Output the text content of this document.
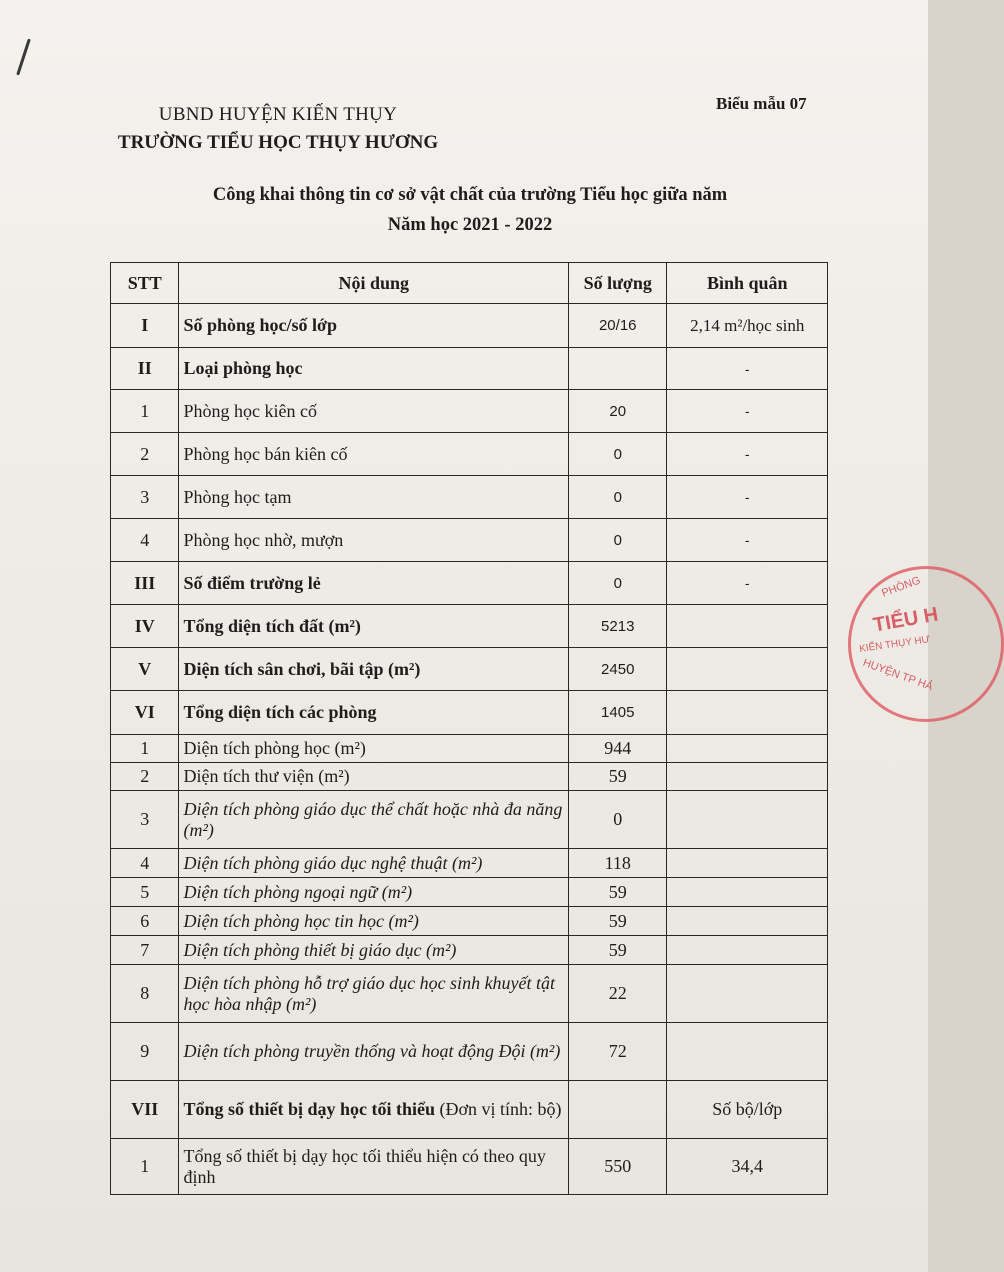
UBND HUYỆN KIẾN THỤY
TRƯỜNG TIỂU HỌC THỤY HƯƠNG
Biểu mẫu 07
Công khai thông tin cơ sở vật chất của trường Tiểu học giữa năm
Năm học 2021 - 2022
STT	Nội dung	Số lượng	Bình quân
I	Số phòng học/số lớp	20/16	2,14 m²/học sinh
II	Loại phòng học		-
1	Phòng học kiên cố	20	-
2	Phòng học bán kiên cố	0	-
3	Phòng học tạm	0	-
4	Phòng học nhờ, mượn	0	-
III	Số điểm trường lẻ	0	-
IV	Tổng diện tích đất (m²)	5213	
V	Diện tích sân chơi, bãi tập (m²)	2450	
VI	Tổng diện tích các phòng	1405	
1	Diện tích phòng học (m²)	944	
2	Diện tích thư viện (m²)	59	
3	Diện tích phòng giáo dục thể chất hoặc nhà đa năng (m²)	0	
4	Diện tích phòng giáo dục nghệ thuật (m²)	118	
5	Diện tích phòng ngoại ngữ (m²)	59	
6	Diện tích phòng học tin học (m²)	59	
7	Diện tích phòng thiết bị giáo dục (m²)	59	
8	Diện tích phòng hỗ trợ giáo dục học sinh khuyết tật học hòa nhập (m²)	22	
9	Diện tích phòng truyền thống và hoạt động Đội (m²)	72	
VII	Tổng số thiết bị dạy học tối thiểu (Đơn vị tính: bộ)		Số bộ/lớp
1	Tổng số thiết bị dạy học tối thiểu hiện có theo quy định	550	34,4
PHÒNG
TIỂU H
KIẾN THỤY HƯ
HUYỆN TP HẢ
